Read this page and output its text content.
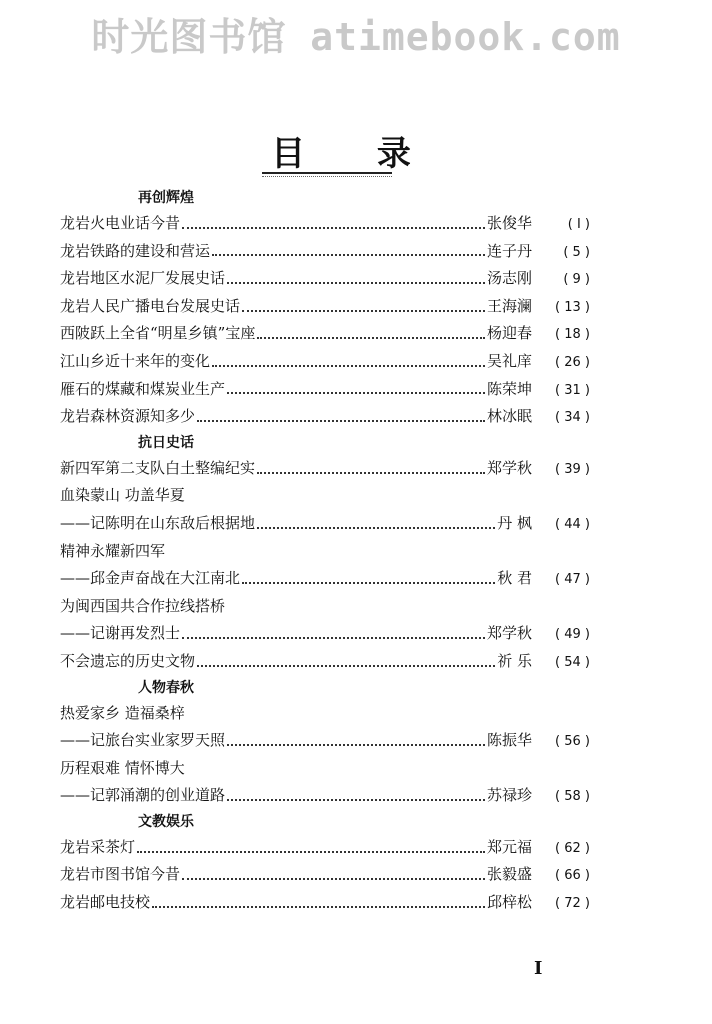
时光图书馆 atimebook.com
目 录
再创辉煌
龙岩火电业话今昔	张俊华	( I )
龙岩铁路的建设和营运	连子丹	( 5 )
龙岩地区水泥厂发展史话	汤志刚	( 9 )
龙岩人民广播电台发展史话	王海澜	( 13 )
西陂跃上全省“明星乡镇”宝座	杨迎春	( 18 )
江山乡近十来年的变化	吴礼庠	( 26 )
雁石的煤藏和煤炭业生产	陈荣坤	( 31 )
龙岩森林资源知多少	林冰眠	( 34 )
抗日史话
新四军第二支队白土整编纪实	郑学秋	( 39 )
血染蒙山 功盖华夏
——记陈明在山东敌后根据地	丹 枫	( 44 )
精神永耀新四军
——邱金声奋战在大江南北	秋 君	( 47 )
为闽西国共合作拉线搭桥
——记谢再发烈士	郑学秋	( 49 )
不会遗忘的历史文物	祈 乐	( 54 )
人物春秋
热爱家乡 造福桑梓
——记旅台实业家罗天照	陈振华	( 56 )
历程艰难 情怀博大
——记郭涌潮的创业道路	苏禄珍	( 58 )
文教娱乐
龙岩采茶灯	郑元福	( 62 )
龙岩市图书馆今昔	张毅盛	( 66 )
龙岩邮电技校	邱梓松	( 72 )
I
